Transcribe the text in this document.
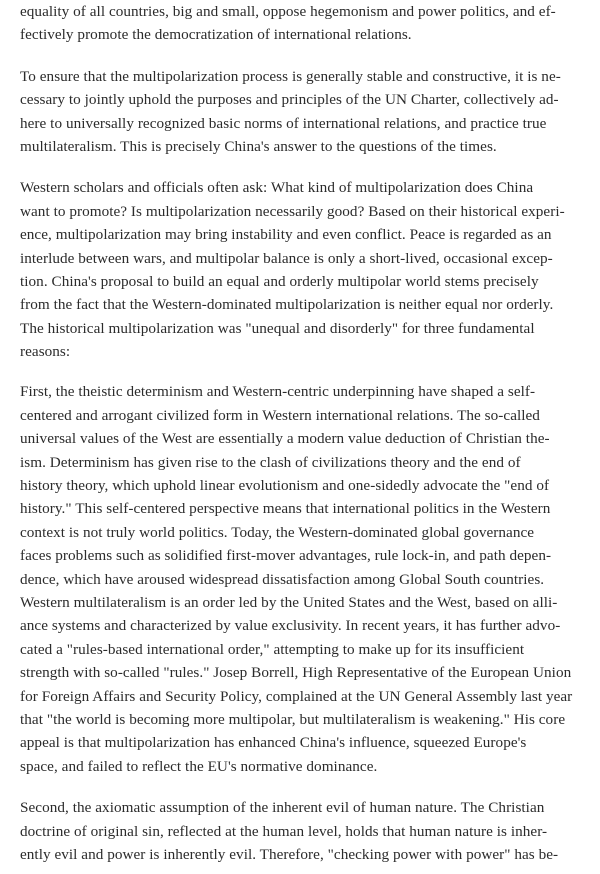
equality of all countries, big and small, oppose hegemonism and power politics, and ef-
fectively promote the democratization of international relations.

To ensure that the multipolarization process is generally stable and constructive, it is ne-
cessary to jointly uphold the purposes and principles of the UN Charter, collectively ad-
here to universally recognized basic norms of international relations, and practice true
multilateralism. This is precisely China's answer to the questions of the times.

Western scholars and officials often ask: What kind of multipolarization does China
want to promote? Is multipolarization necessarily good? Based on their historical experi-
ence, multipolarization may bring instability and even conflict. Peace is regarded as an
interlude between wars, and multipolar balance is only a short-lived, occasional excep-
tion. China's proposal to build an equal and orderly multipolar world stems precisely
from the fact that the Western-dominated multipolarization is neither equal nor orderly.
The historical multipolarization was "unequal and disorderly" for three fundamental
reasons:

First, the theistic determinism and Western-centric underpinning have shaped a self-
centered and arrogant civilized form in Western international relations. The so-called
universal values of the West are essentially a modern value deduction of Christian the-
ism. Determinism has given rise to the clash of civilizations theory and the end of
history theory, which uphold linear evolutionism and one-sidedly advocate the "end of
history." This self-centered perspective means that international politics in the Western
context is not truly world politics. Today, the Western-dominated global governance
faces problems such as solidified first-mover advantages, rule lock-in, and path depen-
dence, which have aroused widespread dissatisfaction among Global South countries.
Western multilateralism is an order led by the United States and the West, based on alli-
ance systems and characterized by value exclusivity. In recent years, it has further advo-
cated a "rules-based international order," attempting to make up for its insufficient
strength with so-called "rules." Josep Borrell, High Representative of the European Union
for Foreign Affairs and Security Policy, complained at the UN General Assembly last year
that "the world is becoming more multipolar, but multilateralism is weakening." His core
appeal is that multipolarization has enhanced China's influence, squeezed Europe's
space, and failed to reflect the EU's normative dominance.

Second, the axiomatic assumption of the inherent evil of human nature. The Christian
doctrine of original sin, reflected at the human level, holds that human nature is inher-
ently evil and power is inherently evil. Therefore, "checking power with power" has be-
